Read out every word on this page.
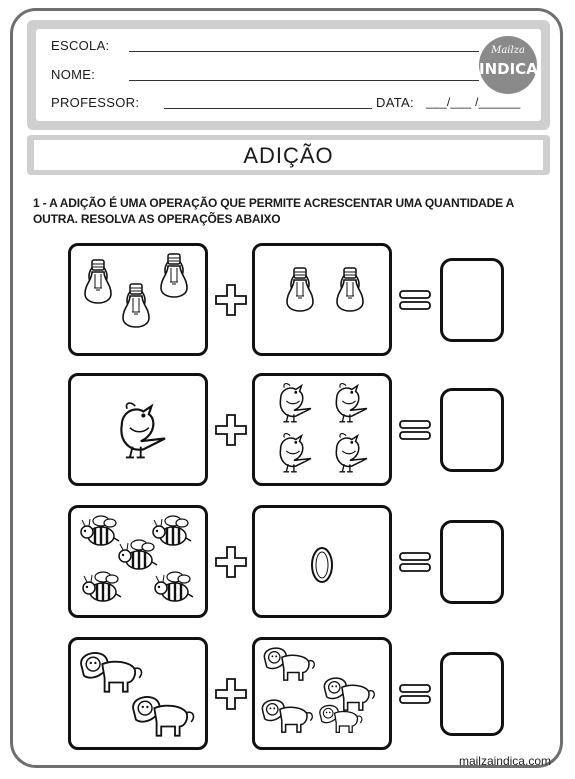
ESCOLA:
NOME:
PROFESSOR:	DATA: ___/___ /______
Mailza
INDICA
ADIÇÃO
1 - A ADIÇÃO É UMA OPERAÇÃO QUE PERMITE ACRESCENTAR UMA QUANTIDADE A OUTRA. RESOLVA AS OPERAÇÕES ABAIXO
mailzaindica.com
